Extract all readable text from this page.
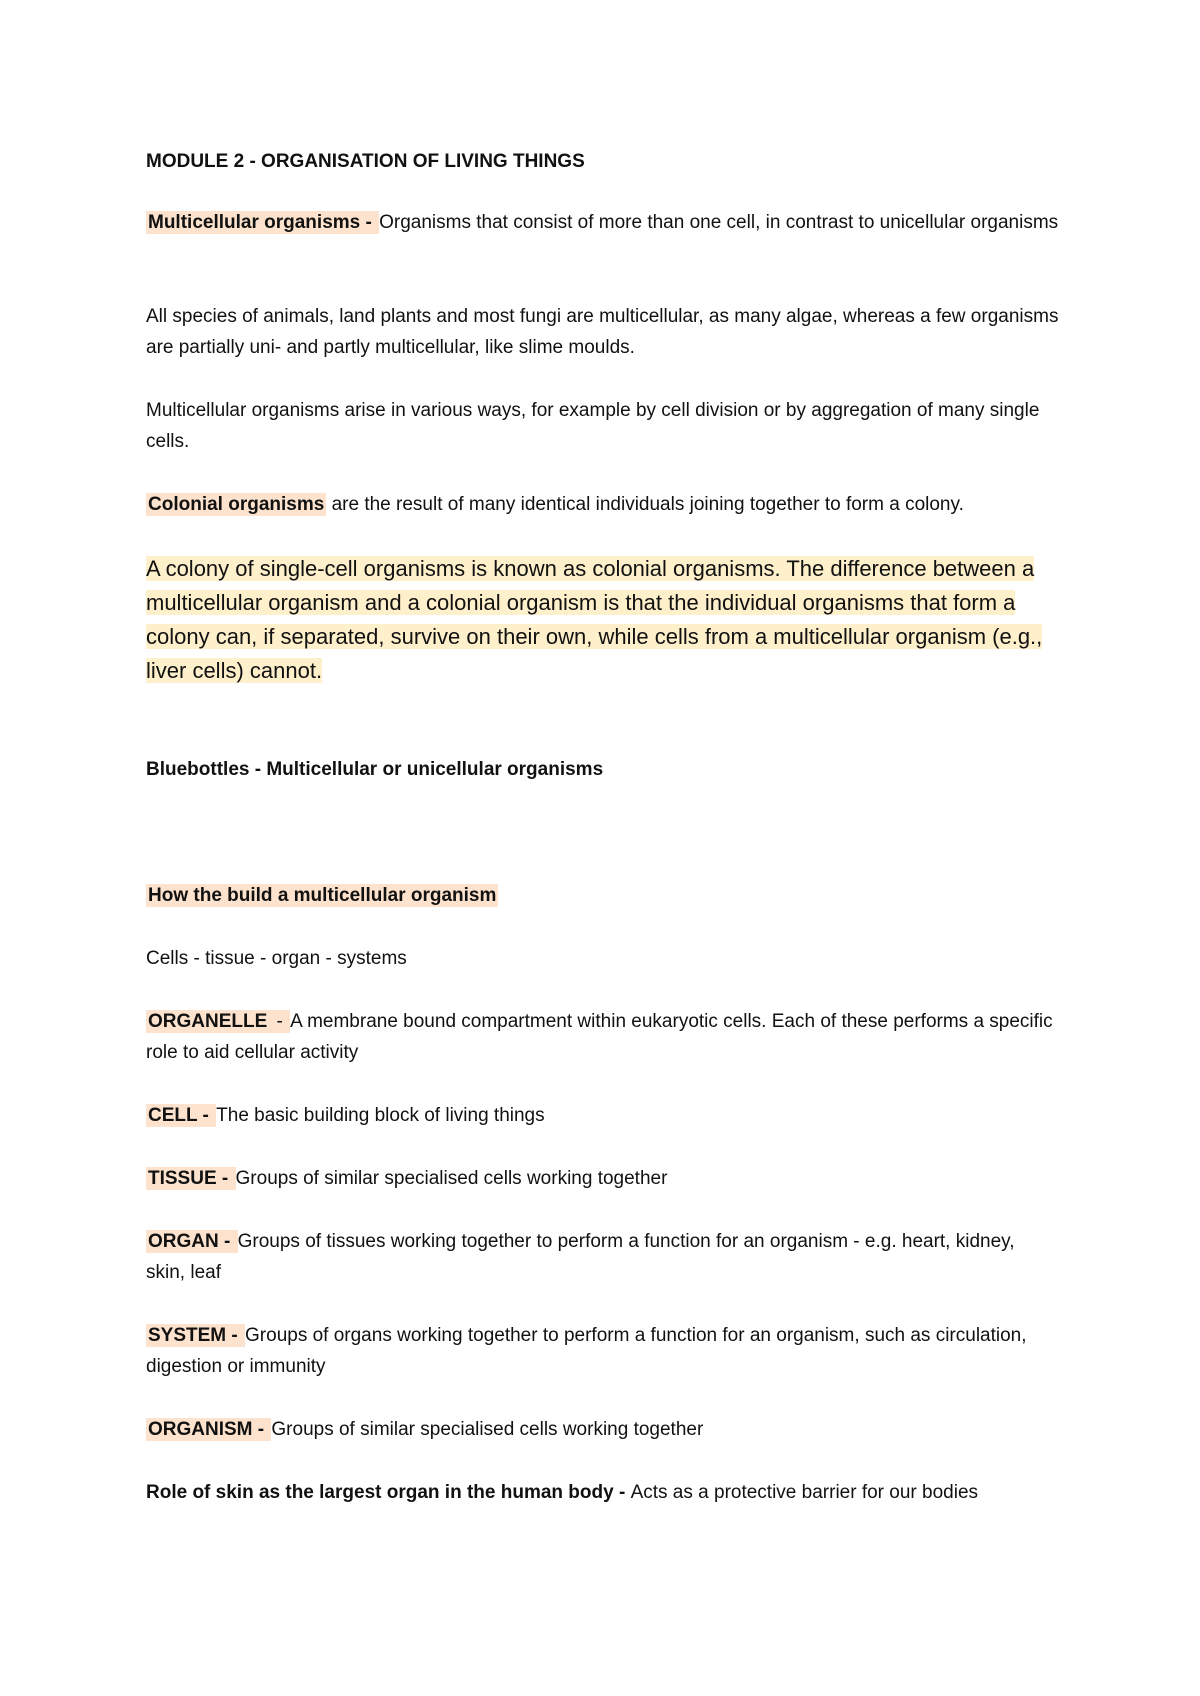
MODULE 2 - ORGANISATION OF LIVING THINGS

Multicellular organisms - Organisms that consist of more than one cell, in contrast to unicellular organisms

All species of animals, land plants and most fungi are multicellular, as many algae, whereas a few organisms are partially uni- and partly multicellular, like slime moulds.

Multicellular organisms arise in various ways, for example by cell division or by aggregation of many single cells.

Colonial organisms are the result of many identical individuals joining together to form a colony.

A colony of single-cell organisms is known as colonial organisms. The difference between a multicellular organism and a colonial organism is that the individual organisms that form a colony can, if separated, survive on their own, while cells from a multicellular organism (e.g., liver cells) cannot.

Bluebottles - Multicellular or unicellular organisms

How the build a multicellular organism

Cells - tissue - organ - systems

ORGANELLE - A membrane bound compartment within eukaryotic cells. Each of these performs a specific role to aid cellular activity

CELL - The basic building block of living things

TISSUE - Groups of similar specialised cells working together

ORGAN - Groups of tissues working together to perform a function for an organism - e.g. heart, kidney, skin, leaf

SYSTEM - Groups of organs working together to perform a function for an organism, such as circulation, digestion or immunity

ORGANISM - Groups of similar specialised cells working together

Role of skin as the largest organ in the human body - Acts as a protective barrier for our bodies
